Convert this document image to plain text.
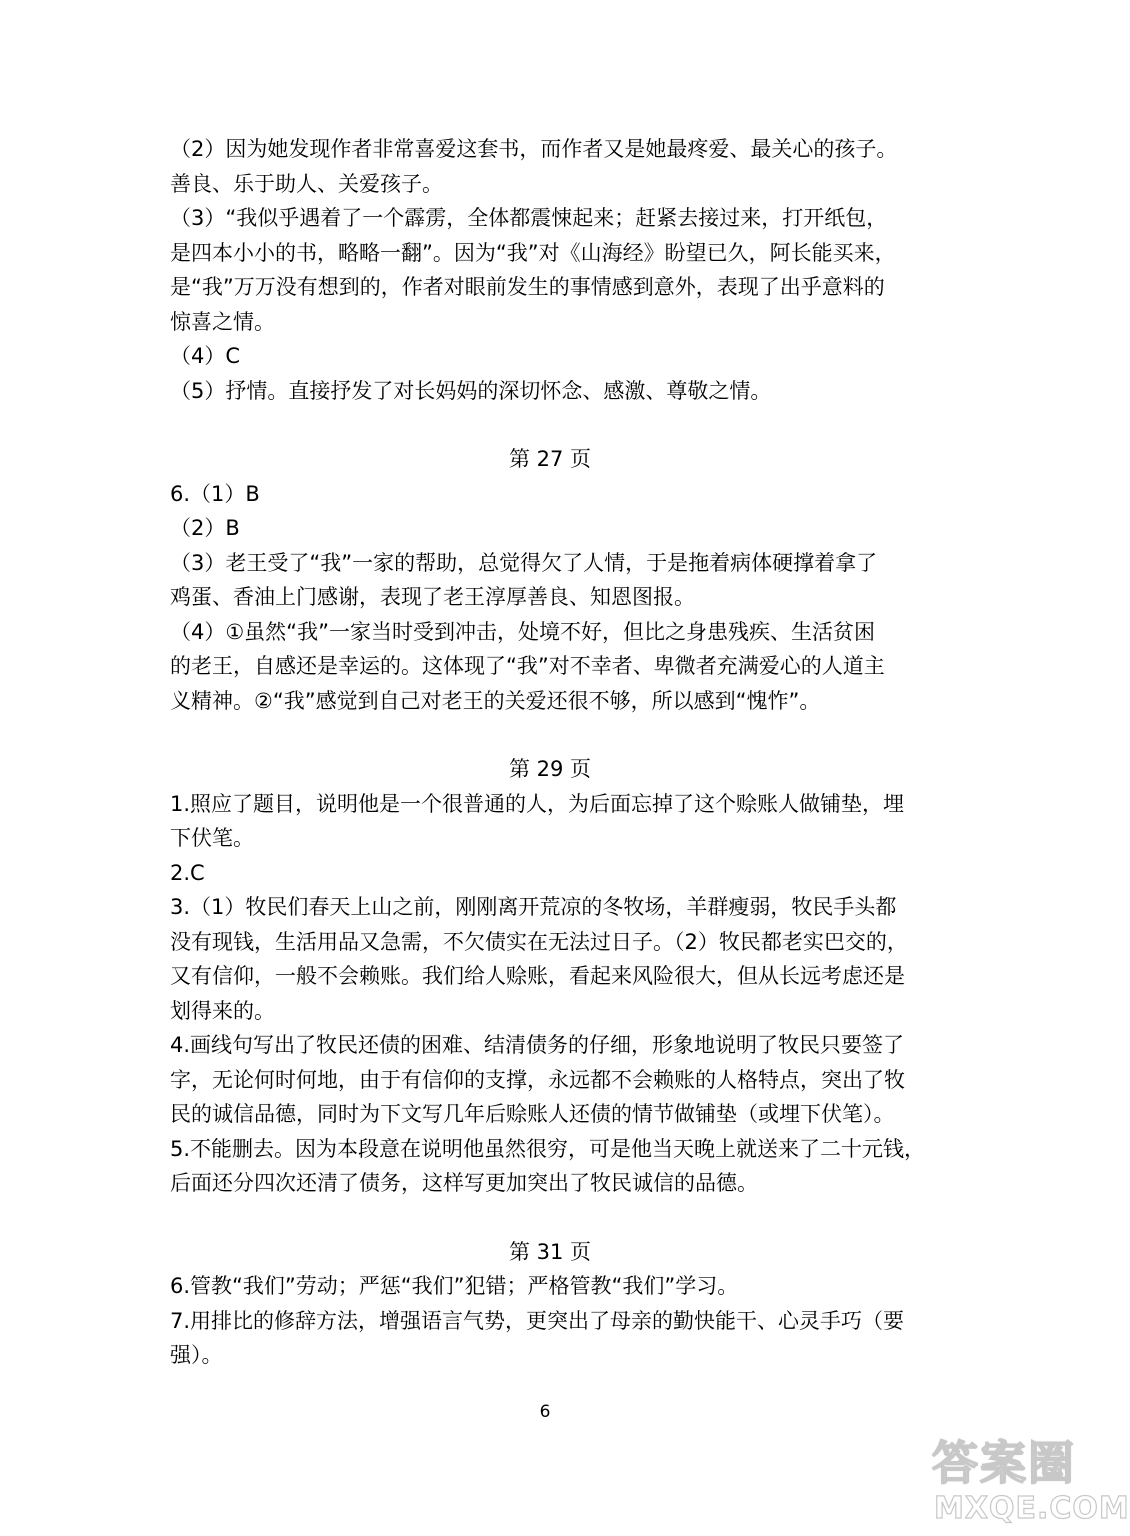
（2）因为她发现作者非常喜爱这套书，而作者又是她最疼爱、最关心的孩子。
善良、乐于助人、关爱孩子。
（3）“我似乎遇着了一个霹雳，全体都震悚起来；赶紧去接过来，打开纸包，
是四本小小的书，略略一翻”。因为“我”对《山海经》盼望已久，阿长能买来，
是“我”万万没有想到的，作者对眼前发生的事情感到意外，表现了出乎意料的
惊喜之情。
（4）C
（5）抒情。直接抒发了对长妈妈的深切怀念、感激、尊敬之情。
第 27 页
6.（1）B
（2）B
（3）老王受了“我”一家的帮助，总觉得欠了人情，于是拖着病体硬撑着拿了
鸡蛋、香油上门感谢，表现了老王淳厚善良、知恩图报。
（4）①虽然“我”一家当时受到冲击，处境不好，但比之身患残疾、生活贫困
的老王，自感还是幸运的。这体现了“我”对不幸者、卑微者充满爱心的人道主
义精神。②“我”感觉到自己对老王的关爱还很不够，所以感到“愧怍”。
第 29 页
1.照应了题目，说明他是一个很普通的人，为后面忘掉了这个赊账人做铺垫，埋
下伏笔。
2.C
3.（1）牧民们春天上山之前，刚刚离开荒凉的冬牧场，羊群瘦弱，牧民手头都
没有现钱，生活用品又急需，不欠债实在无法过日子。（2）牧民都老实巴交的，
又有信仰，一般不会赖账。我们给人赊账，看起来风险很大，但从长远考虑还是
划得来的。
4.画线句写出了牧民还债的困难、结清债务的仔细，形象地说明了牧民只要签了
字，无论何时何地，由于有信仰的支撑，永远都不会赖账的人格特点，突出了牧
民的诚信品德，同时为下文写几年后赊账人还债的情节做铺垫（或埋下伏笔）。
5.不能删去。因为本段意在说明他虽然很穷，可是他当天晚上就送来了二十元钱，
后面还分四次还清了债务，这样写更加突出了牧民诚信的品德。
第 31 页
6.管教“我们”劳动；严惩“我们”犯错；严格管教“我们”学习。
7.用排比的修辞方法，增强语言气势，更突出了母亲的勤快能干、心灵手巧（要
强）。
6
答案圈
MXQE.COM
